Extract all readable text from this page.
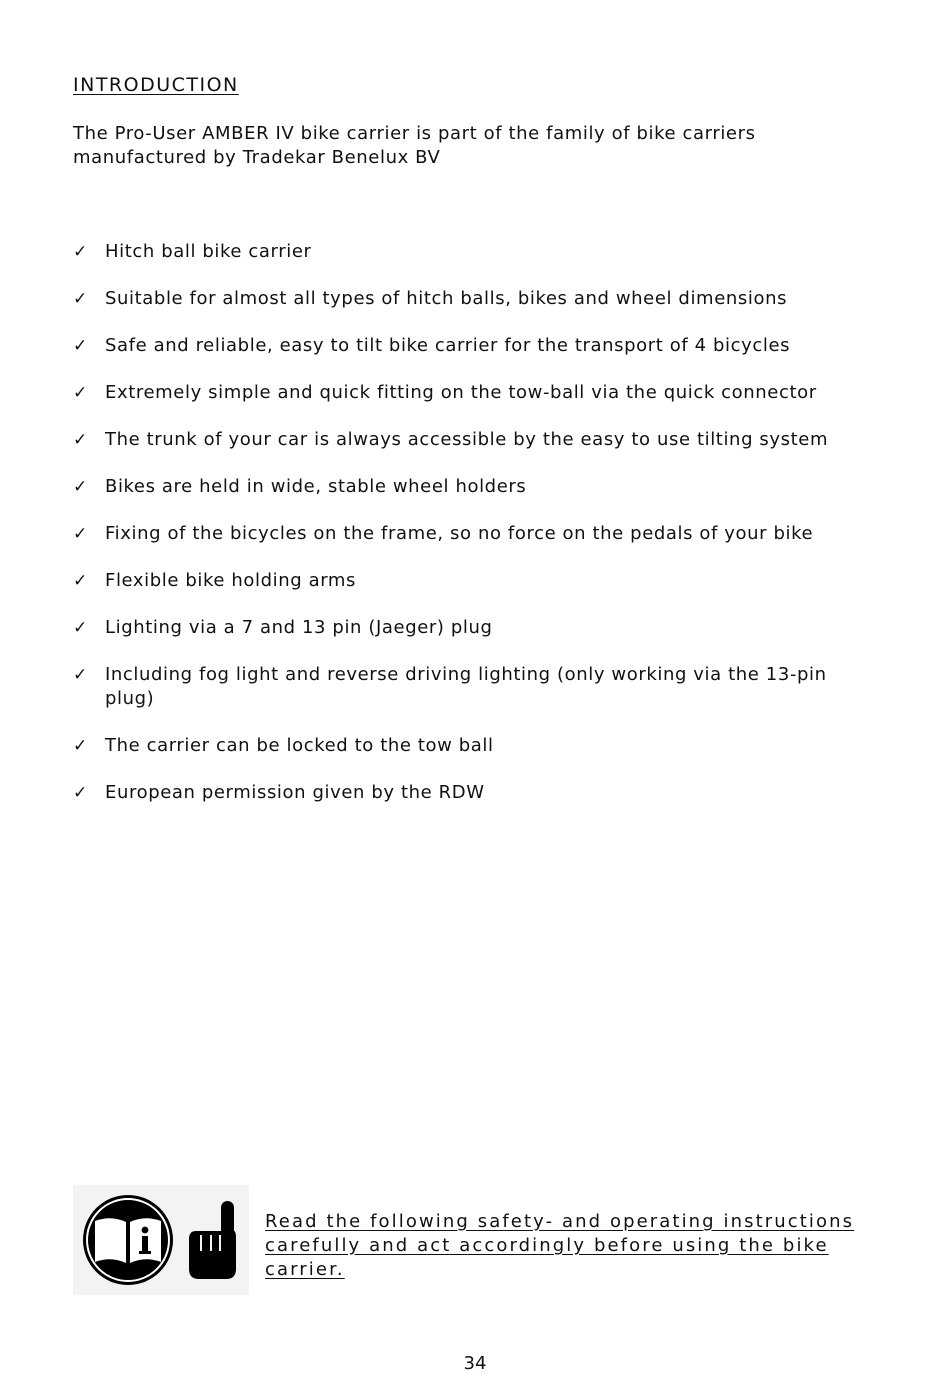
INTRODUCTION

The Pro-User AMBER IV bike carrier is part of the family of bike carriers manufactured by Tradekar Benelux BV

✓ Hitch ball bike carrier
✓ Suitable for almost all types of hitch balls, bikes and wheel dimensions
✓ Safe and reliable, easy to tilt bike carrier for the transport of 4 bicycles
✓ Extremely simple and quick fitting on the tow-ball via the quick connector
✓ The trunk of your car is always accessible by the easy to use tilting system
✓ Bikes are held in wide, stable wheel holders
✓ Fixing of the bicycles on the frame, so no force on the pedals of your bike
✓ Flexible bike holding arms
✓ Lighting via a 7 and 13 pin (Jaeger) plug
✓ Including fog light and reverse driving lighting (only working via the 13-pin plug)
✓ The carrier can be locked to the tow ball
✓ European permission given by the RDW

Read the following safety- and operating instructions carefully and act accordingly before using the bike carrier.

34
